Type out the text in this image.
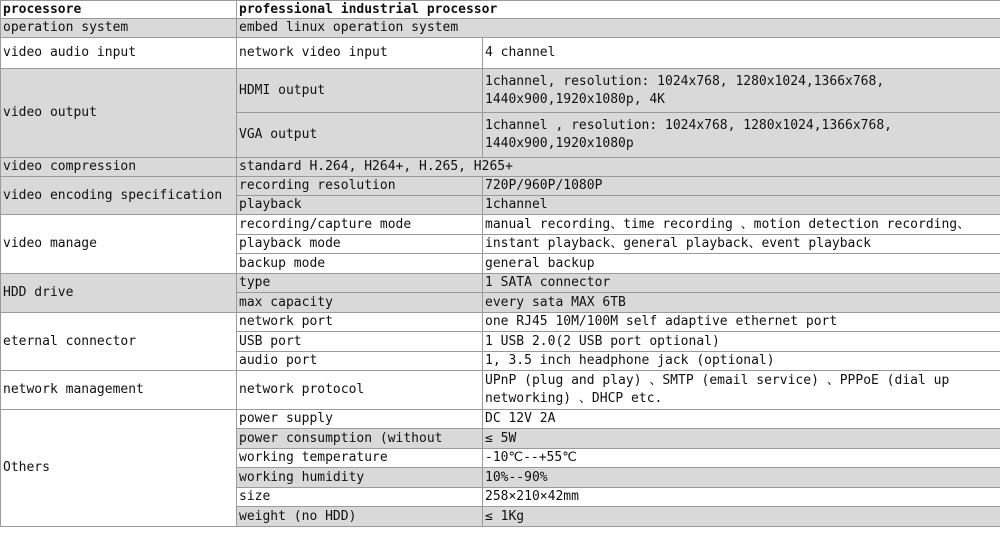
processore	professional industrial processor	
operation system	embed linux operation system	
video audio input	network video input	4 channel
video output	HDMI output	1channel, resolution: 1024x768, 1280x1024,1366x768, 1440x900,1920x1080p, 4K
	VGA output	1channel , resolution: 1024x768, 1280x1024,1366x768, 1440x900,1920x1080p
video compression	standard H.264, H264+, H.265, H265+	
video encoding specification	recording resolution	720P/960P/1080P
	playback	1channel
video manage	recording/capture mode	manual recording、time recording 、motion detection recording、
	playback mode	instant playback、general playback、event playback
	backup mode	general backup
HDD drive	type	1 SATA connector
	max capacity	every sata MAX 6TB
eternal connector	network port	one RJ45 10M/100M self adaptive ethernet port
	USB port	1 USB 2.0(2 USB port optional)
	audio port	1, 3.5 inch headphone jack (optional)
network management	network protocol	UPnP (plug and play) 、SMTP (email service) 、PPPoE (dial up networking) 、DHCP etc.
Others	power supply	DC 12V 2A
	power consumption (without	≤ 5W
	working temperature	-10℃--+55℃
	working humidity	10%--90%
	size	258×210×42mm
	weight (no HDD)	≤ 1Kg
